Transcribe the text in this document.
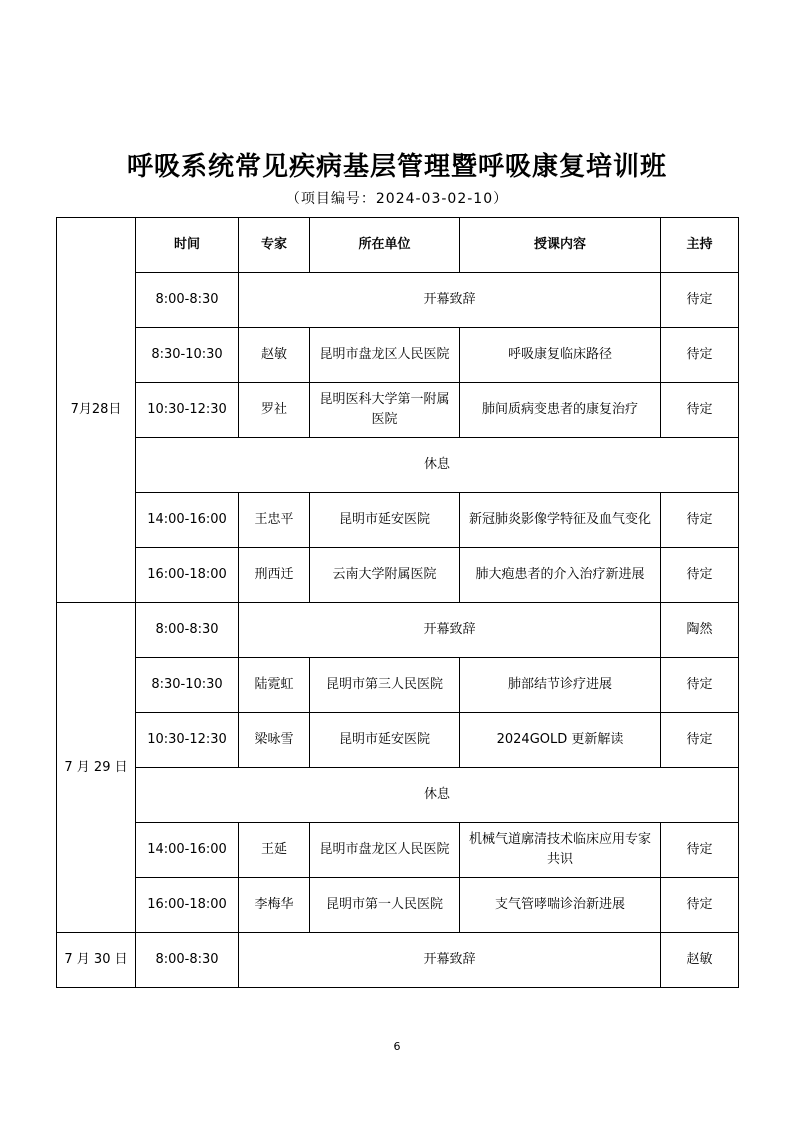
呼吸系统常见疾病基层管理暨呼吸康复培训班
（项目编号：2024-03-02-10）
7月28日	时间	专家	所在单位	授课内容	主持
	8:00-8:30	开幕致辞			待定
	8:30-10:30	赵敏	昆明市盘龙区人民医院	呼吸康复临床路径	待定
	10:30-12:30	罗社	昆明医科大学第一附属医院	肺间质病变患者的康复治疗	待定
	休息				
	14:00-16:00	王忠平	昆明市延安医院	新冠肺炎影像学特征及血气变化	待定
	16:00-18:00	刑西迁	云南大学附属医院	肺大疱患者的介入治疗新进展	待定
7 月 29 日	8:00-8:30	开幕致辞			陶然
	8:30-10:30	陆霓虹	昆明市第三人民医院	肺部结节诊疗进展	待定
	10:30-12:30	梁咏雪	昆明市延安医院	2024GOLD 更新解读	待定
	休息				
	14:00-16:00	王延	昆明市盘龙区人民医院	机械气道廓清技术临床应用专家共识	待定
	16:00-18:00	李梅华	昆明市第一人民医院	支气管哮喘诊治新进展	待定
7 月 30 日	8:00-8:30	开幕致辞			赵敏
6
